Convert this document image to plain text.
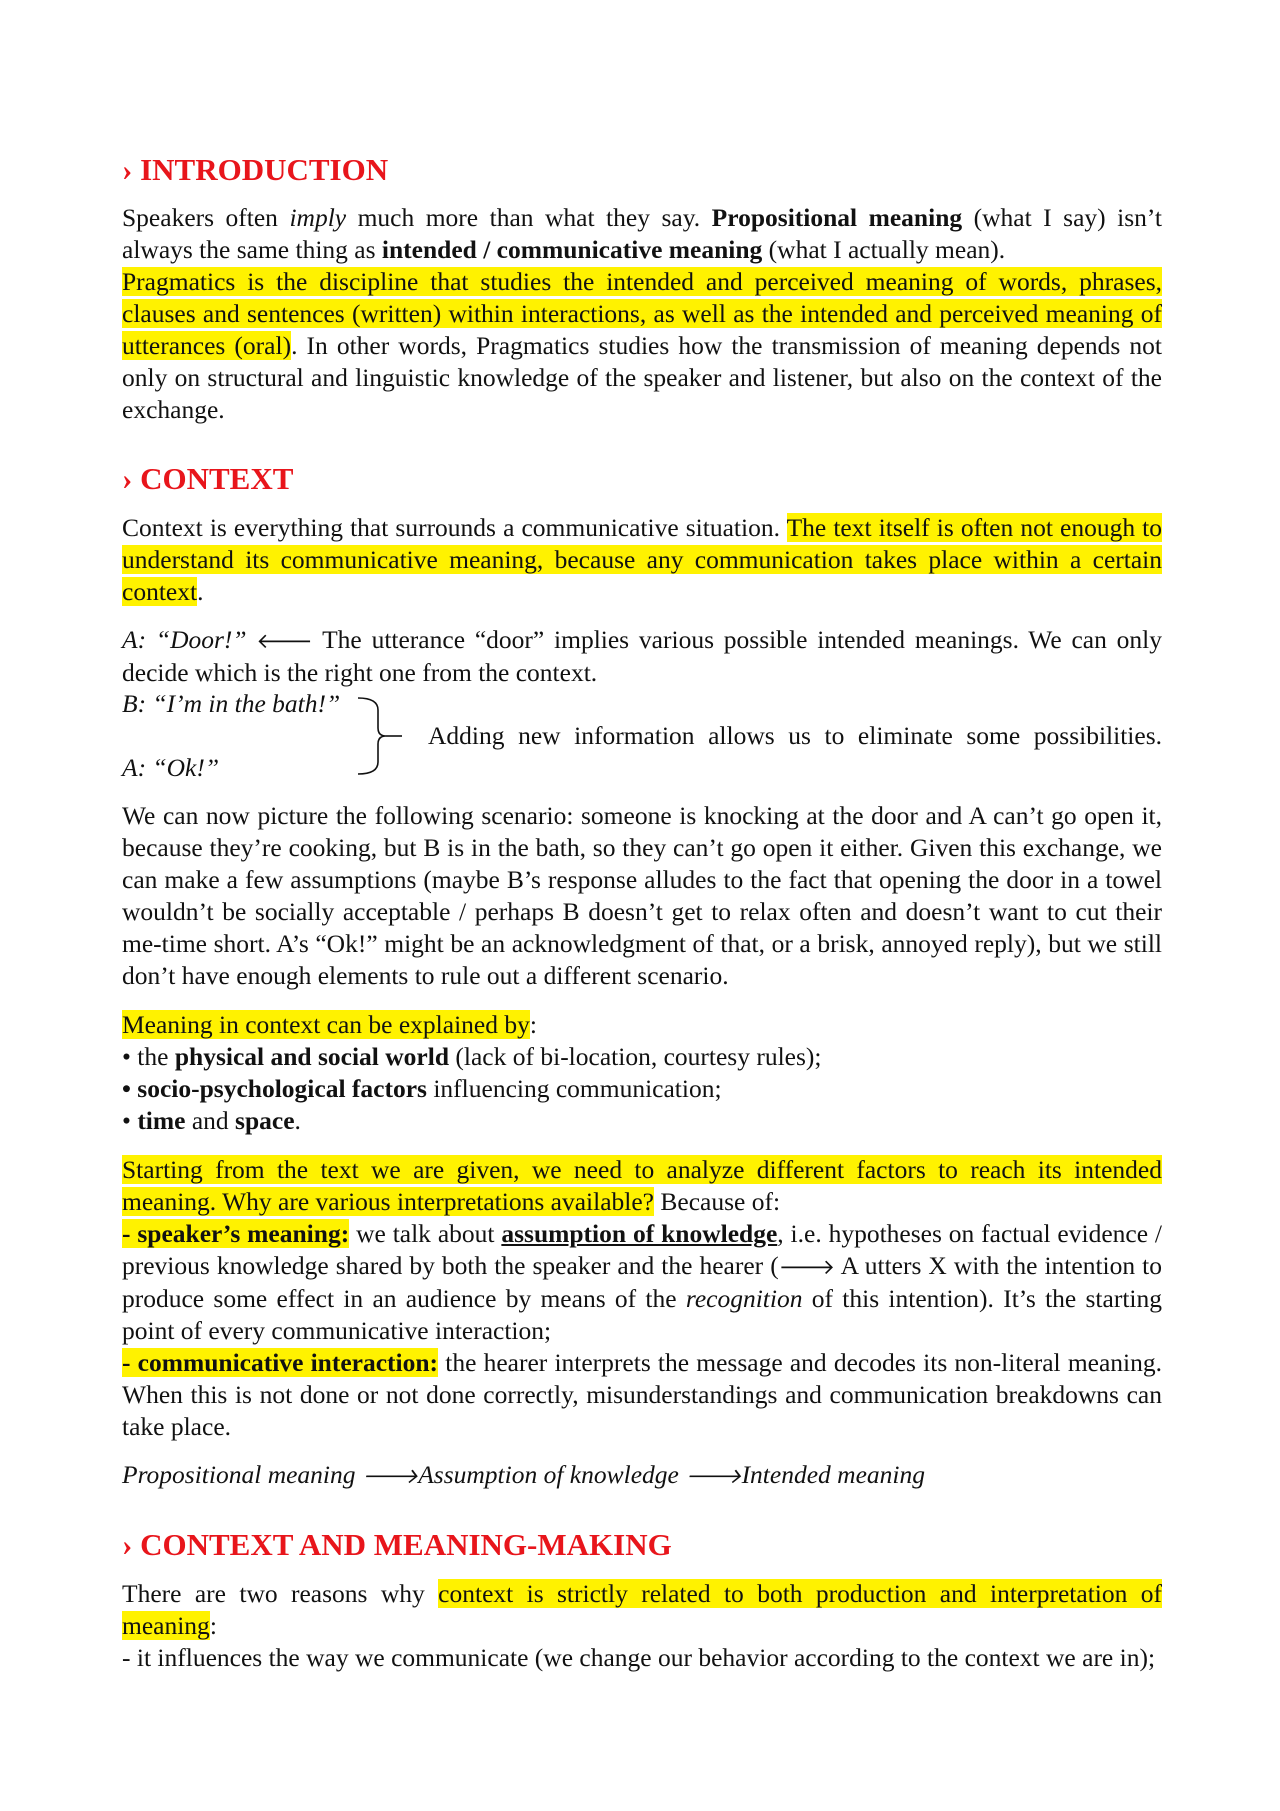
› INTRODUCTION

Speakers often imply much more than what they say. Propositional meaning (what I say) isn’t always the same thing as intended / communicative meaning (what I actually mean).

Pragmatics is the discipline that studies the intended and perceived meaning of words, phrases, clauses and sentences (written) within interactions, as well as the intended and perceived meaning of utterances (oral). In other words, Pragmatics studies how the transmission of meaning depends not only on structural and linguistic knowledge of the speaker and listener, but also on the context of the exchange.

› CONTEXT

Context is everything that surrounds a communicative situation. The text itself is often not enough to understand its communicative meaning, because any communication takes place within a certain context.

A: “Door!” 🡐 The utterance “door” implies various possible intended meanings. We can only decide which is the right one from the context.
B: “I’m in the bath!”
A: “Ok!”
Adding new information allows us to eliminate some possibilities.

We can now picture the following scenario: someone is knocking at the door and A can’t go open it, because they’re cooking, but B is in the bath, so they can’t go open it either. Given this exchange, we can make a few assumptions (maybe B’s response alludes to the fact that opening the door in a towel wouldn’t be socially acceptable / perhaps B doesn’t get to relax often and doesn’t want to cut their me-time short. A’s “Ok!” might be an acknowledgment of that, or a brisk, annoyed reply), but we still don’t have enough elements to rule out a different scenario.

Meaning in context can be explained by:

• the physical and social world (lack of bi-location, courtesy rules);
• socio-psychological factors influencing communication;
• time and space.

Starting from the text we are given, we need to analyze different factors to reach its intended meaning. Why are various interpretations available? Because of:

- speaker’s meaning: we talk about assumption of knowledge, i.e. hypotheses on factual evidence / previous knowledge shared by both the speaker and the hearer (🡒 A utters X with the intention to produce some effect in an audience by means of the recognition of this intention). It’s the starting point of every communicative interaction;

- communicative interaction: the hearer interprets the message and decodes its non-literal meaning. When this is not done or not done correctly, misunderstandings and communication breakdowns can take place.

Propositional meaning 🡒Assumption of knowledge 🡒Intended meaning

› CONTEXT AND MEANING-MAKING

There are two reasons why context is strictly related to both production and interpretation of meaning:

- it influences the way we communicate (we change our behavior according to the context we are in);
